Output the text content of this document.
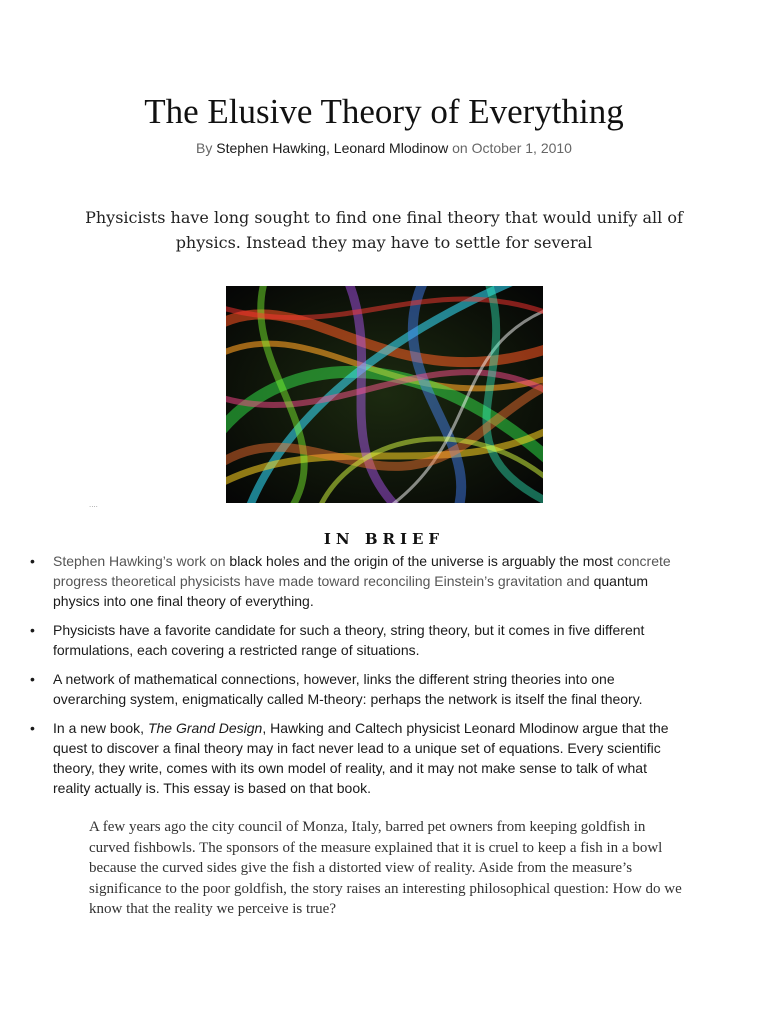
The Elusive Theory of Everything
By Stephen Hawking, Leonard Mlodinow on October 1, 2010

Physicists have long sought to find one final theory that would unify all of physics. Instead they may have to settle for several

....
IN BRIEF
• Stephen Hawking’s work on black holes and the origin of the universe is arguably the most concrete progress theoretical physicists have made toward reconciling Einstein’s gravitation and quantum physics into one final theory of everything.
• Physicists have a favorite candidate for such a theory, string theory, but it comes in five different formulations, each covering a restricted range of situations.
• A network of mathematical connections, however, links the different string theories into one overarching system, enigmatically called M-theory: perhaps the network is itself the final theory.
• In a new book, The Grand Design, Hawking and Caltech physicist Leonard Mlodinow argue that the quest to discover a final theory may in fact never lead to a unique set of equations. Every scientific theory, they write, comes with its own model of reality, and it may not make sense to talk of what reality actually is. This essay is based on that book.

A few years ago the city council of Monza, Italy, barred pet owners from keeping goldfish in curved fishbowls. The sponsors of the measure explained that it is cruel to keep a fish in a bowl because the curved sides give the fish a distorted view of reality. Aside from the measure’s significance to the poor goldfish, the story raises an interesting philosophical question: How do we know that the reality we perceive is true?
